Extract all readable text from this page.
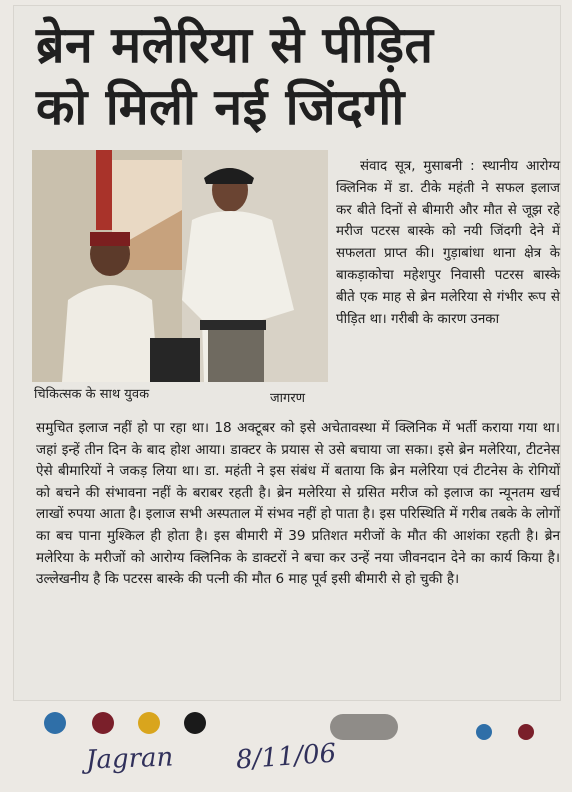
ब्रेन मलेरिया से पीड़ित
को मिली नई जिंदगी
चिकित्सक के साथ युवक	जागरण
संवाद सूत्र, मुसाबनी : स्थानीय आरोग्य क्लिनिक में डा. टीके महंती ने सफल इलाज कर बीते दिनों से बीमारी और मौत से जूझ रहे मरीज पटरस बास्के को नयी जिंदगी देने में सफलता प्राप्त की। गुड़ाबांधा थाना क्षेत्र के बाकड़ाकोचा महेशपुर निवासी पटरस बास्के बीते एक माह से ब्रेन मलेरिया से गंभीर रूप से पीड़ित था। गरीबी के कारण उनका
समुचित इलाज नहीं हो पा रहा था। 18 अक्टूबर को इसे अचेतावस्था में क्लिनिक में भर्ती कराया गया था। जहां इन्हें तीन दिन के बाद होश आया। डाक्टर के प्रयास से उसे बचाया जा सका। इसे ब्रेन मलेरिया, टीटनेस ऐसे बीमारियों ने जकड़ लिया था। डा. महंती ने इस संबंध में बताया कि ब्रेन मलेरिया एवं टीटनेस के रोगियों को बचने की संभावना नहीं के बराबर रहती है। ब्रेन मलेरिया से ग्रसित मरीज को इलाज का न्यूनतम खर्च लाखों रुपया आता है। इलाज सभी अस्पताल में संभव नहीं हो पाता है। इस परिस्थिति में गरीब तबके के लोगों का बच पाना मुश्किल ही होता है। इस बीमारी में 39 प्रतिशत मरीजों के मौत की आशंका रहती है। ब्रेन मलेरिया के मरीजों को आरोग्य क्लिनिक के डाक्टरों ने बचा कर उन्हें नया जीवनदान देने का कार्य किया है। उल्लेखनीय है कि पटरस बास्के की पत्नी की मौत 6 माह पूर्व इसी बीमारी से हो चुकी है।
Jagran 8/11/06
